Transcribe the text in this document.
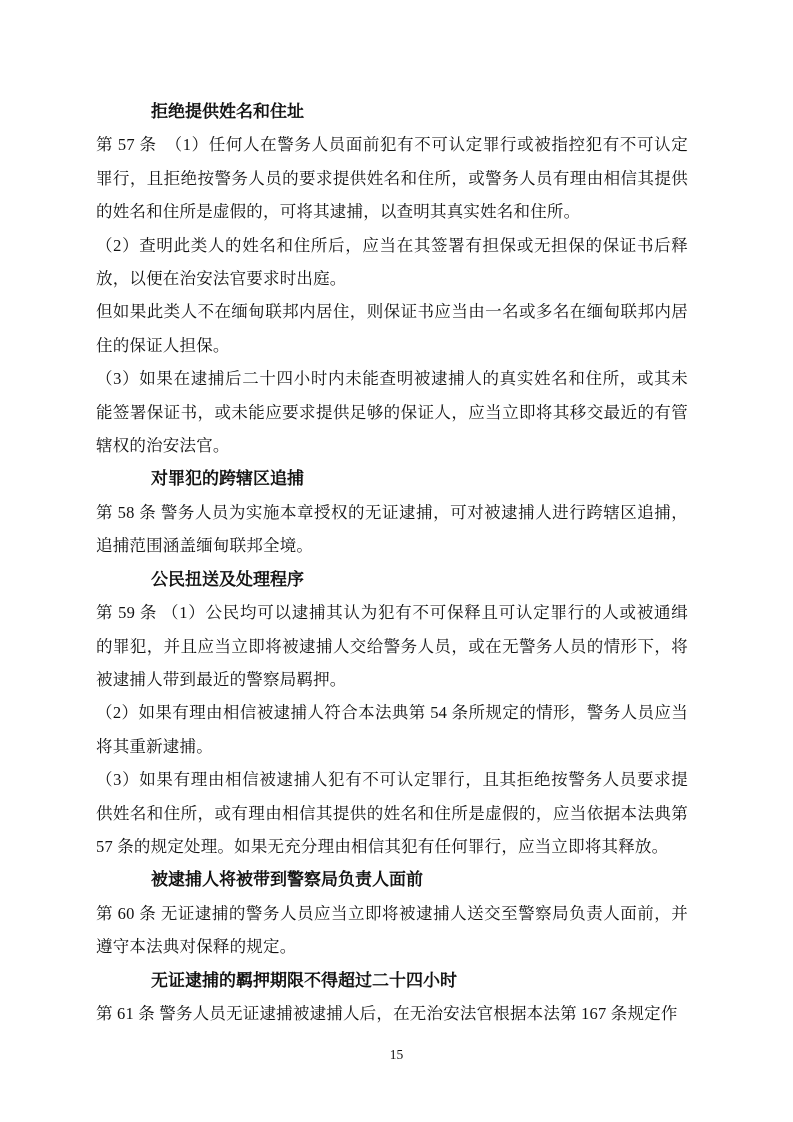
拒绝提供姓名和住址
第 57 条　（1）任何人在警务人员面前犯有不可认定罪行或被指控犯有不可认定
罪行，且拒绝按警务人员的要求提供姓名和住所，或警务人员有理由相信其提供
的姓名和住所是虚假的，可将其逮捕，以查明其真实姓名和住所。
（2）查明此类人的姓名和住所后，应当在其签署有担保或无担保的保证书后释
放，以便在治安法官要求时出庭。
但如果此类人不在缅甸联邦内居住，则保证书应当由一名或多名在缅甸联邦内居
住的保证人担保。
（3）如果在逮捕后二十四小时内未能查明被逮捕人的真实姓名和住所，或其未
能签署保证书，或未能应要求提供足够的保证人，应当立即将其移交最近的有管
辖权的治安法官。
对罪犯的跨辖区追捕
第 58 条 警务人员为实施本章授权的无证逮捕，可对被逮捕人进行跨辖区追捕，
追捕范围涵盖缅甸联邦全境。
公民扭送及处理程序
第 59 条 （1）公民均可以逮捕其认为犯有不可保释且可认定罪行的人或被通缉
的罪犯，并且应当立即将被逮捕人交给警务人员，或在无警务人员的情形下，将
被逮捕人带到最近的警察局羁押。
（2）如果有理由相信被逮捕人符合本法典第 54 条所规定的情形，警务人员应当
将其重新逮捕。
（3）如果有理由相信被逮捕人犯有不可认定罪行，且其拒绝按警务人员要求提
供姓名和住所，或有理由相信其提供的姓名和住所是虚假的，应当依据本法典第
57 条的规定处理。如果无充分理由相信其犯有任何罪行，应当立即将其释放。
被逮捕人将被带到警察局负责人面前
第 60 条 无证逮捕的警务人员应当立即将被逮捕人送交至警察局负责人面前，并
遵守本法典对保释的规定。
无证逮捕的羁押期限不得超过二十四小时
第 61 条 警务人员无证逮捕被逮捕人后，在无治安法官根据本法第 167 条规定作
15
